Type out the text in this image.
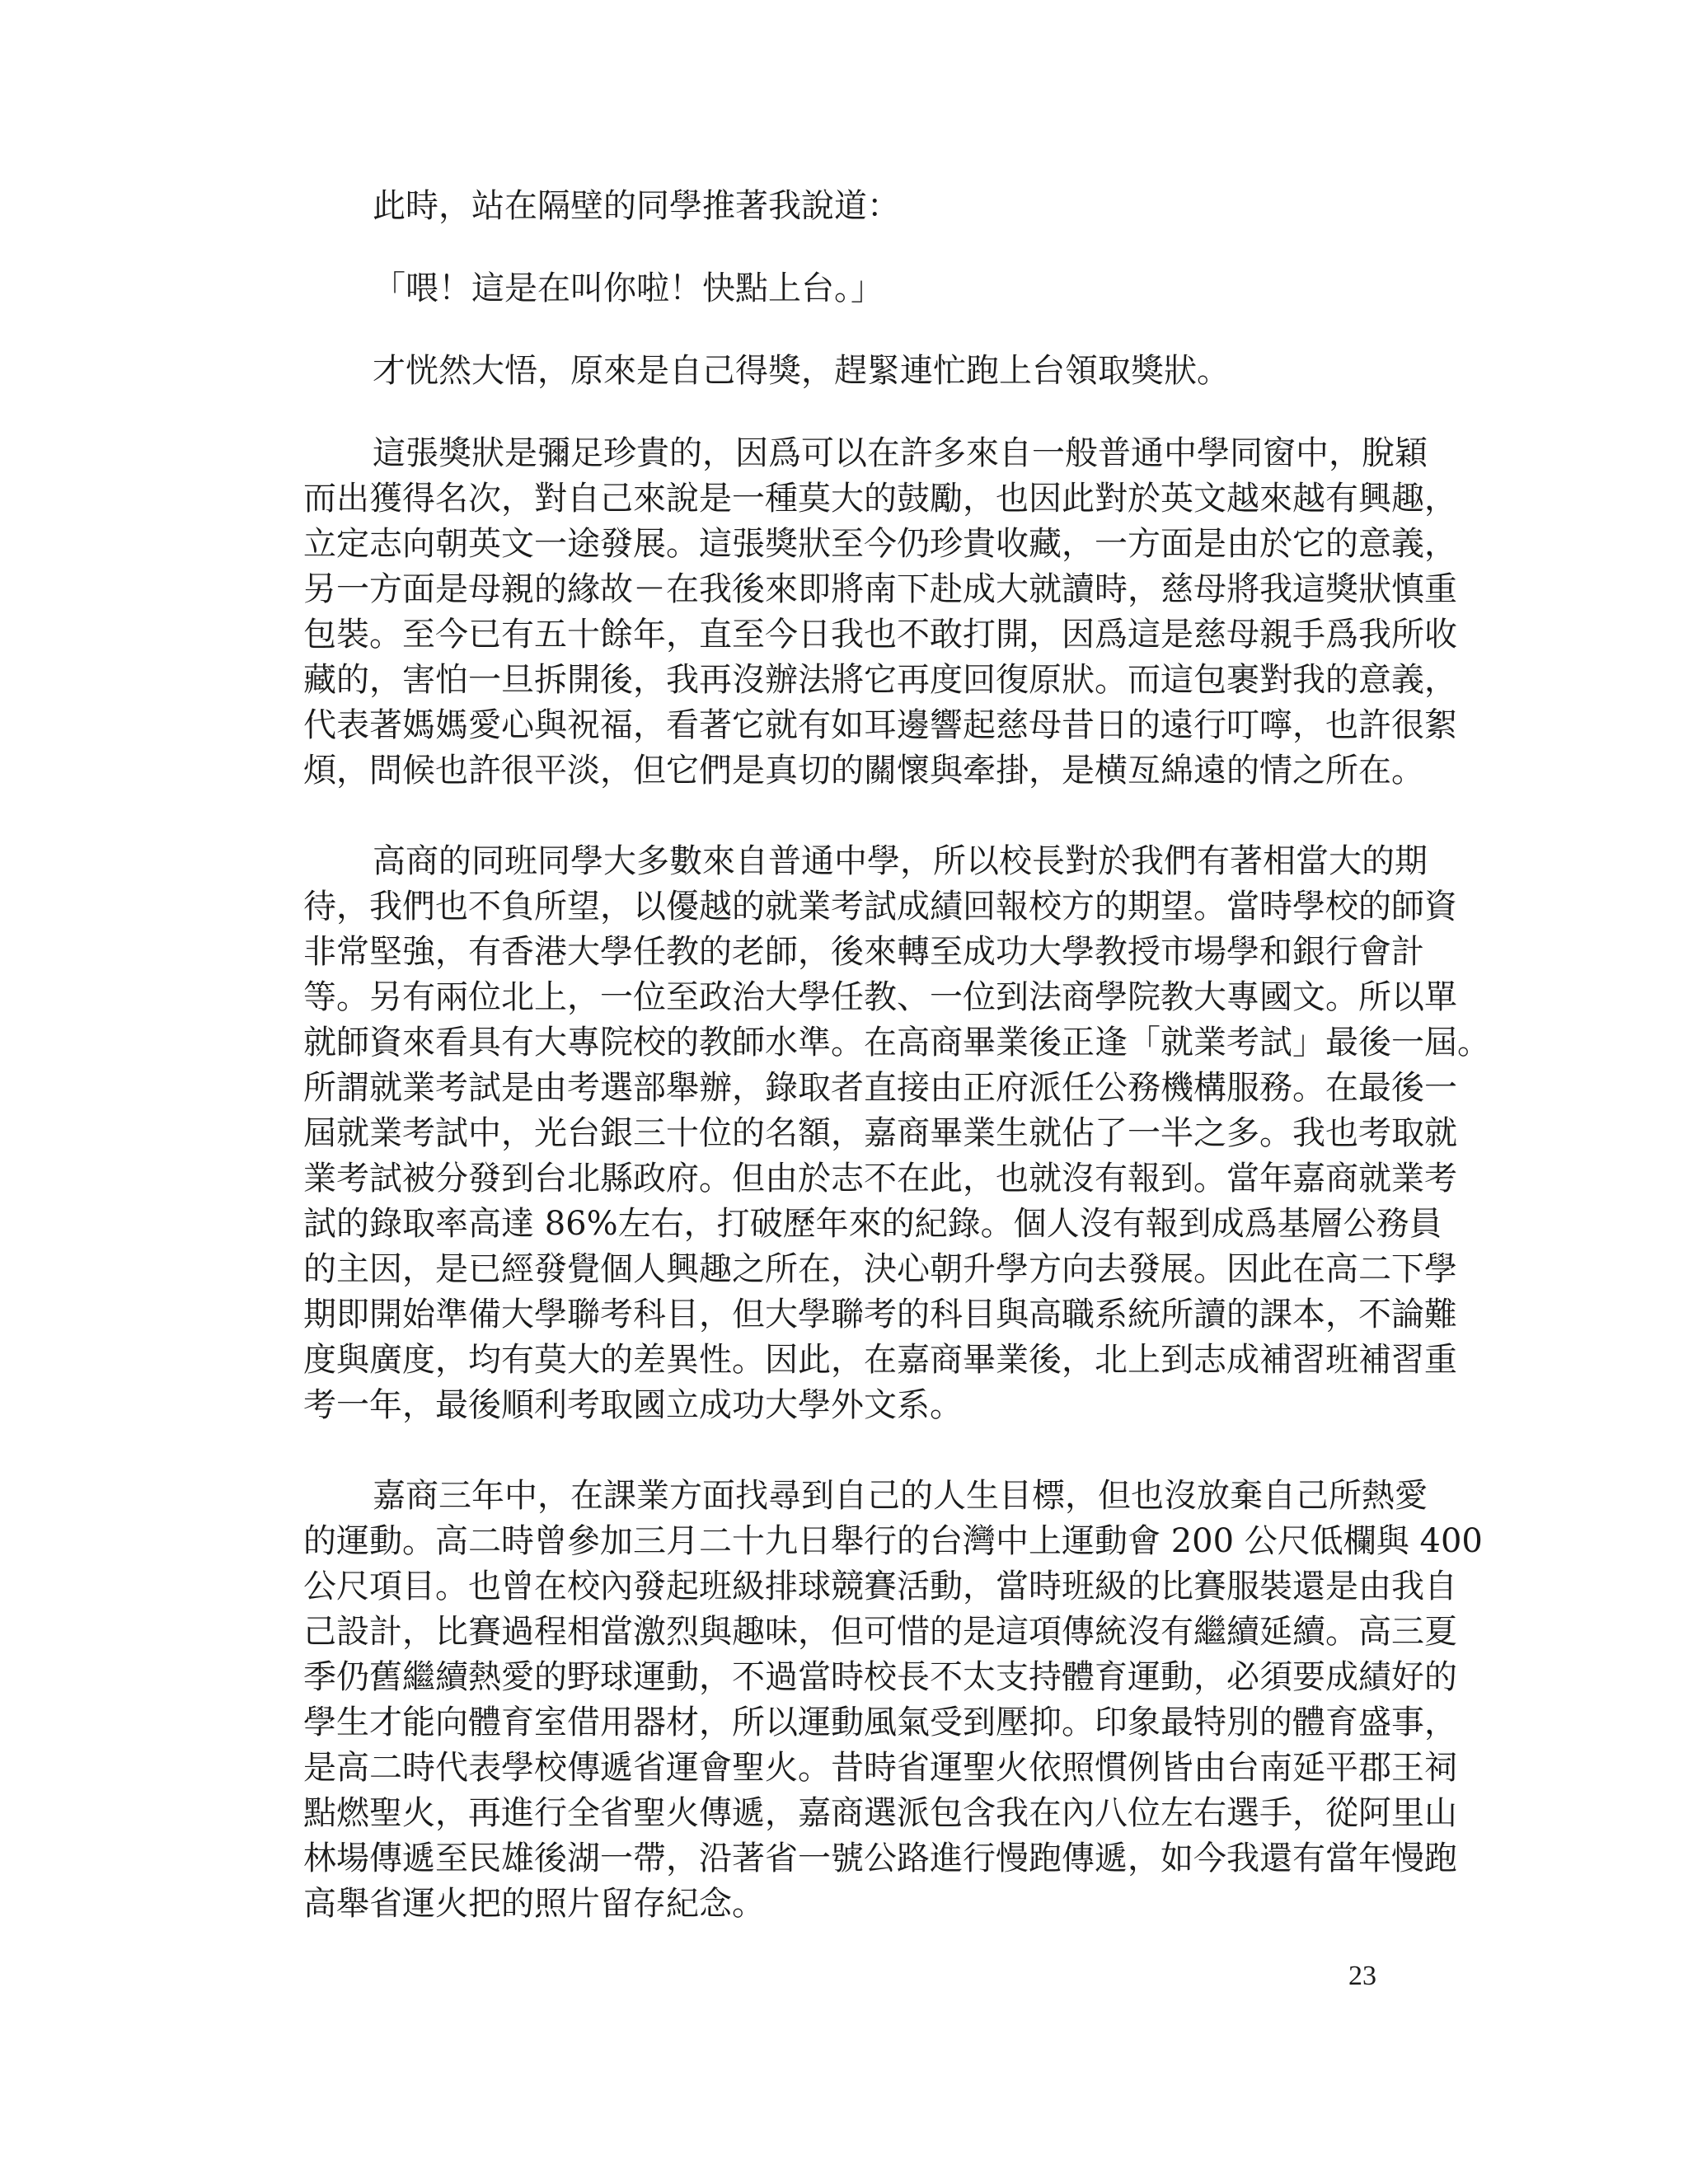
此時，站在隔壁的同學推著我說道：
「喂！這是在叫你啦！快點上台。」
才恍然大悟，原來是自己得獎，趕緊連忙跑上台領取獎狀。
這張獎狀是彌足珍貴的，因爲可以在許多來自一般普通中學同窗中，脫穎
而出獲得名次，對自己來說是一種莫大的鼓勵，也因此對於英文越來越有興趣，
立定志向朝英文一途發展。這張獎狀至今仍珍貴收藏，一方面是由於它的意義，
另一方面是母親的緣故－在我後來即將南下赴成大就讀時，慈母將我這獎狀慎重
包裝。至今已有五十餘年，直至今日我也不敢打開，因爲這是慈母親手爲我所收
藏的，害怕一旦拆開後，我再沒辦法將它再度回復原狀。而這包裹對我的意義，
代表著媽媽愛心與祝福，看著它就有如耳邊響起慈母昔日的遠行叮嚀，也許很絮
煩，問候也許很平淡，但它們是真切的關懷與牽掛，是横亙綿遠的情之所在。
高商的同班同學大多數來自普通中學，所以校長對於我們有著相當大的期
待，我們也不負所望，以優越的就業考試成績回報校方的期望。當時學校的師資
非常堅強，有香港大學任教的老師，後來轉至成功大學教授市場學和銀行會計
等。另有兩位北上，一位至政治大學任教、一位到法商學院教大專國文。所以單
就師資來看具有大專院校的教師水準。在高商畢業後正逢「就業考試」最後一屆。
所謂就業考試是由考選部舉辦，錄取者直接由正府派任公務機構服務。在最後一
屆就業考試中，光台銀三十位的名額，嘉商畢業生就佔了一半之多。我也考取就
業考試被分發到台北縣政府。但由於志不在此，也就沒有報到。當年嘉商就業考
試的錄取率高達 86%左右，打破歷年來的紀錄。個人沒有報到成爲基層公務員
的主因，是已經發覺個人興趣之所在，決心朝升學方向去發展。因此在高二下學
期即開始準備大學聯考科目，但大學聯考的科目與高職系統所讀的課本，不論難
度與廣度，均有莫大的差異性。因此，在嘉商畢業後，北上到志成補習班補習重
考一年，最後順利考取國立成功大學外文系。
嘉商三年中，在課業方面找尋到自己的人生目標，但也沒放棄自己所熱愛
的運動。高二時曾參加三月二十九日舉行的台灣中上運動會 200 公尺低欄與 400
公尺項目。也曾在校內發起班級排球競賽活動，當時班級的比賽服裝還是由我自
己設計，比賽過程相當激烈與趣味，但可惜的是這項傳統沒有繼續延續。高三夏
季仍舊繼續熱愛的野球運動，不過當時校長不太支持體育運動，必須要成績好的
學生才能向體育室借用器材，所以運動風氣受到壓抑。印象最特別的體育盛事，
是高二時代表學校傳遞省運會聖火。昔時省運聖火依照慣例皆由台南延平郡王祠
點燃聖火，再進行全省聖火傳遞，嘉商選派包含我在內八位左右選手，從阿里山
林場傳遞至民雄後湖一帶，沿著省一號公路進行慢跑傳遞，如今我還有當年慢跑
高舉省運火把的照片留存紀念。
23
